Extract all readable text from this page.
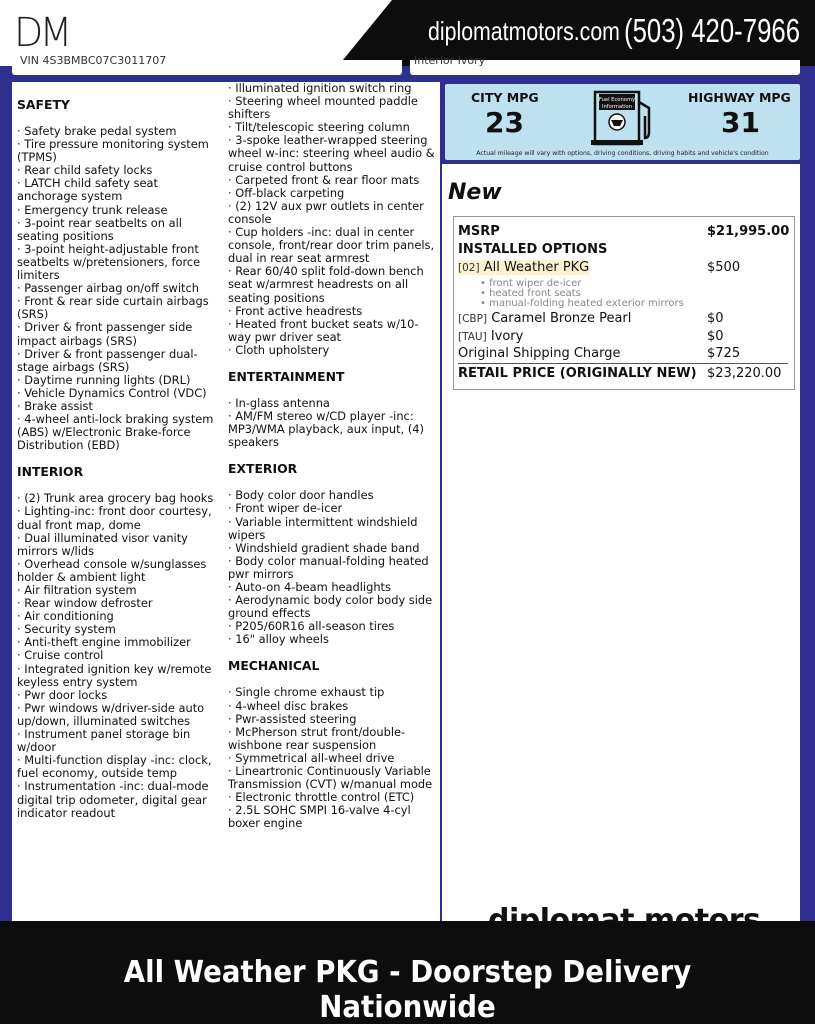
DM	diplomatmotors.com (503) 420-7966
VIN 4S3BMBC07C3011707	Interior Ivory

SAFETY

· Safety brake pedal system

· Tire pressure monitoring system (TPMS)

· Rear child safety locks

· LATCH child safety seat anchorage system

· Emergency trunk release

· 3-point rear seatbelts on all seating positions

· 3-point height-adjustable front seatbelts w/pretensioners, force limiters

· Passenger airbag on/off switch

· Front & rear side curtain airbags (SRS)

· Driver & front passenger side impact airbags (SRS)

· Driver & front passenger dual-stage airbags (SRS)

· Daytime running lights (DRL)

· Vehicle Dynamics Control (VDC)

· Brake assist

· 4-wheel anti-lock braking system (ABS) w/Electronic Brake-force Distribution (EBD)

INTERIOR

· (2) Trunk area grocery bag hooks

· Lighting-inc: front door courtesy, dual front map, dome

· Dual illuminated visor vanity mirrors w/lids

· Overhead console w/sunglasses holder & ambient light

· Air filtration system

· Rear window defroster

· Air conditioning

· Security system

· Anti-theft engine immobilizer

· Cruise control

· Integrated ignition key w/remote keyless entry system

· Pwr door locks

· Pwr windows w/driver-side auto up/down, illuminated switches

· Instrument panel storage bin w/door

· Multi-function display -inc: clock, fuel economy, outside temp

· Instrumentation -inc: dual-mode digital trip odometer, digital gear indicator readout

· Illuminated ignition switch ring

· Steering wheel mounted paddle shifters

· Tilt/telescopic steering column

· 3-spoke leather-wrapped steering wheel w-inc: steering wheel audio & cruise control buttons

· Carpeted front & rear floor mats

· Off-black carpeting

· (2) 12V aux pwr outlets in center console

· Cup holders -inc: dual in center console, front/rear door trim panels, dual in rear seat armrest

· Rear 60/40 split fold-down bench seat w/armrest headrests on all seating positions

· Front active headrests

· Heated front bucket seats w/10-way pwr driver seat

· Cloth upholstery

ENTERTAINMENT

· In-glass antenna

· AM/FM stereo w/CD player -inc: MP3/WMA playback, aux input, (4) speakers

EXTERIOR

· Body color door handles

· Front wiper de-icer

· Variable intermittent windshield wipers

· Windshield gradient shade band

· Body color manual-folding heated pwr mirrors

· Auto-on 4-beam headlights

· Aerodynamic body color body side ground effects

· P205/60R16 all-season tires

· 16" alloy wheels

MECHANICAL

· Single chrome exhaust tip

· 4-wheel disc brakes

· Pwr-assisted steering

· McPherson strut front/double-wishbone rear suspension

· Symmetrical all-wheel drive

· Lineartronic Continuously Variable Transmission (CVT) w/manual mode

· Electronic throttle control (ETC)

· 2.5L SOHC SMPI 16-valve 4-cyl boxer engine

CITY MPG
23
HIGHWAY MPG
31
Fuel Economy
Information
Actual mileage will vary with options, driving conditions, driving habits and vehicle's condition
New
MSRP	$21,995.00
INSTALLED OPTIONS
[02] All Weather PKG	$500
• front wiper de-icer
• heated front seats
• manual-folding heated exterior mirrors
[CBP] Caramel Bronze Pearl	$0
[TAU] Ivory	$0
Original Shipping Charge	$725
RETAIL PRICE (ORIGINALLY NEW) $23,220.00
All Weather PKG - Doorstep Delivery Nationwide
